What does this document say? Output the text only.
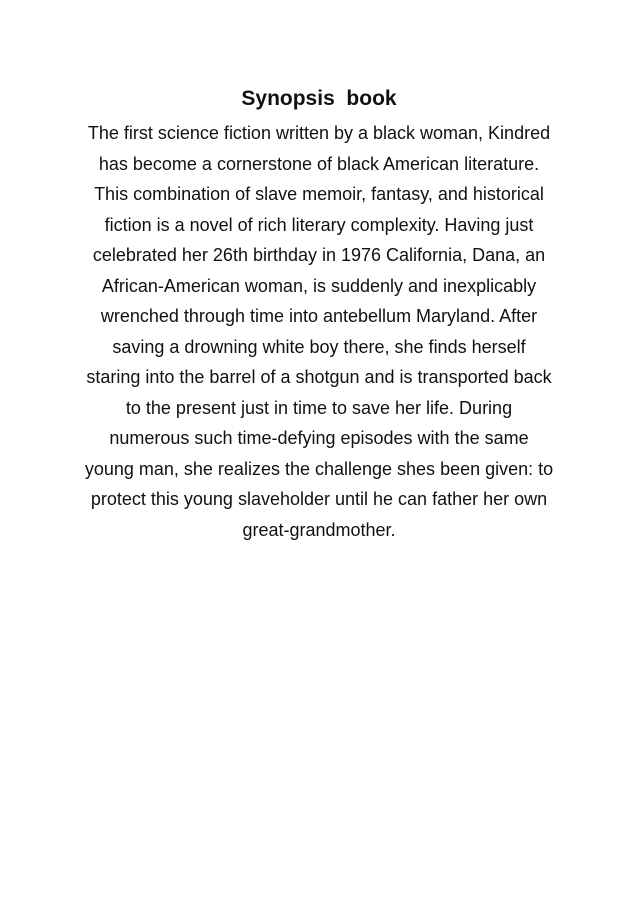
Synopsis  book
The first science fiction written by a black woman, Kindred
has become a cornerstone of black American literature.
This combination of slave memoir, fantasy, and historical
fiction is a novel of rich literary complexity. Having just
celebrated her 26th birthday in 1976 California, Dana, an
African-American woman, is suddenly and inexplicably
wrenched through time into antebellum Maryland. After
saving a drowning white boy there, she finds herself
staring into the barrel of a shotgun and is transported back
to the present just in time to save her life. During
numerous such time-defying episodes with the same
young man, she realizes the challenge shes been given: to
protect this young slaveholder until he can father her own
great-grandmother.
